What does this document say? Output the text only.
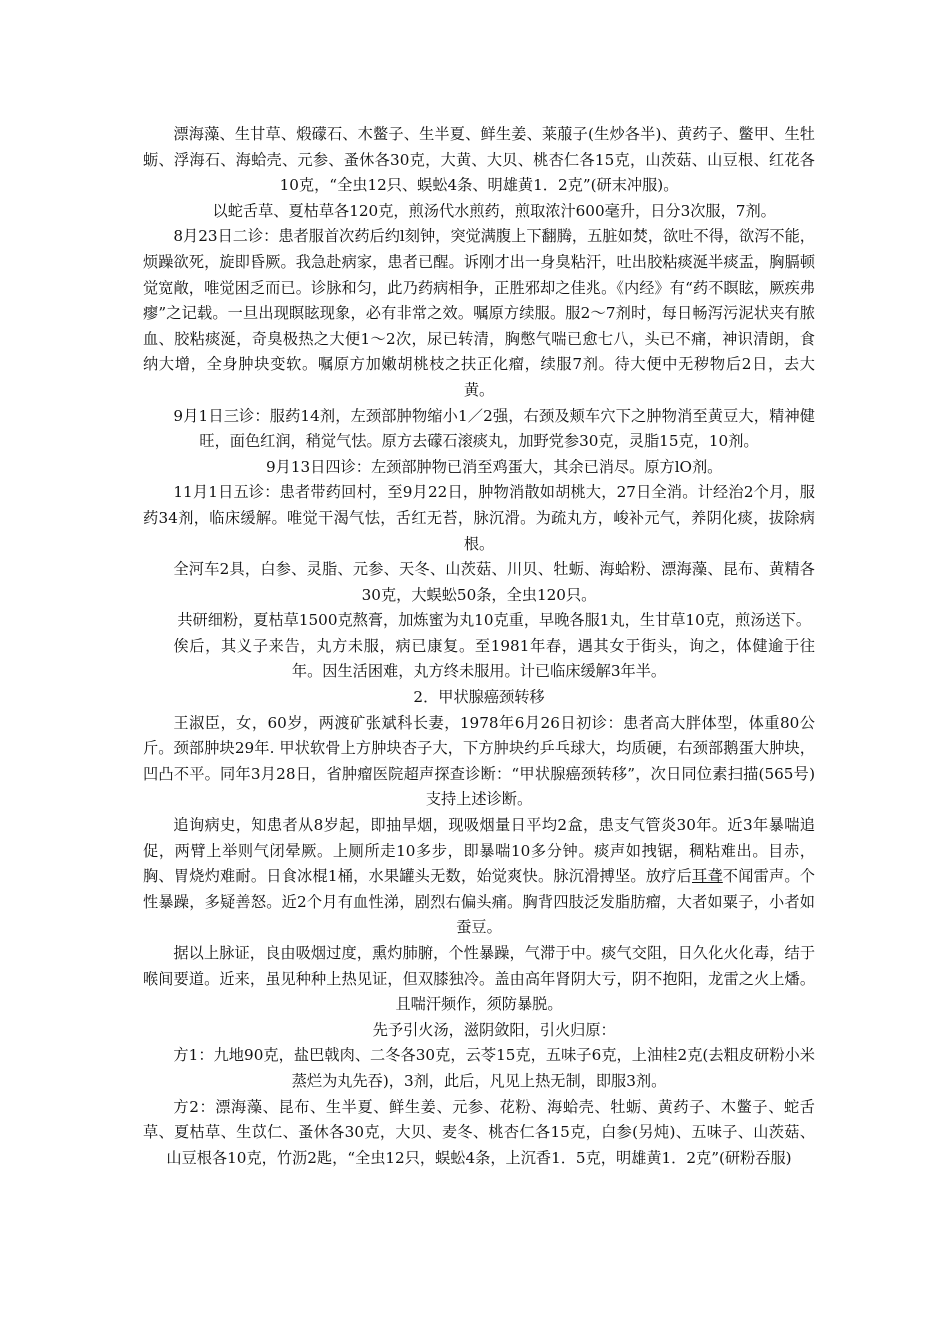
漂海藻、生甘草、煅礞石、木鳖子、生半夏、鲜生姜、莱菔子(生炒各半)、黄药子、鳖甲、生牡蛎、浮海石、海蛤壳、元参、蚤休各30克，大黄、大贝、桃杏仁各15克，山茨菇、山豆根、红花各10克，“全虫12只、蜈蚣4条、明雄黄1．2克”(研末冲服)。

以蛇舌草、夏枯草各120克，煎汤代水煎药，煎取浓汁600毫升，日分3次服，7剂。

8月23日二诊：患者服首次药后约l刻钟，突觉满腹上下翻腾，五脏如焚，欲吐不得，欲泻不能，烦躁欲死，旋即昏厥。我急赴病家，患者已醒。诉刚才出一身臭粘汗，吐出胶粘痰涎半痰盂，胸膈顿觉宽敞，唯觉困乏而已。诊脉和匀，此乃药病相争，正胜邪却之佳兆。《内经》有“药不瞑眩，厥疾弗瘳”之记载。一旦出现瞑眩现象，必有非常之效。嘱原方续服。服2～7剂时，每日畅泻污泥状夹有脓血、胶粘痰涎，奇臭极热之大便1～2次，尿已转清，胸憋气喘已愈七八，头已不痛，神识清朗，食纳大增，全身肿块变软。嘱原方加嫩胡桃枝之扶正化瘤，续服7剂。待大便中无秽物后2日，去大黄。

9月1日三诊：服药14剂，左颈部肿物缩小1／2强，右颈及颊车穴下之肿物消至黄豆大，精神健旺，面色红润，稍觉气怯。原方去礞石滚痰丸，加野党参30克，灵脂15克，10剂。

9月13日四诊：左颈部肿物已消至鸡蛋大，其余已消尽。原方lO剂。

11月1日五诊：患者带药回村，至9月22日，肿物消散如胡桃大，27日全消。计经治2个月，服药34剂，临床缓解。唯觉干渴气怯，舌红无苔，脉沉滑。为疏丸方，峻补元气，养阴化痰，拔除病根。

全河车2具，白参、灵脂、元参、天冬、山茨菇、川贝、牡蛎、海蛤粉、漂海藻、昆布、黄精各30克，大蜈蚣50条，全虫120只。

共研细粉，夏枯草1500克熬膏，加炼蜜为丸10克重，早晚各服1丸，生甘草10克，煎汤送下。

俟后，其义子来告，丸方未服，病已康复。至1981年春，遇其女于街头，询之，体健逾于往年。因生活困难，丸方终未服用。计已临床缓解3年半。

2．甲状腺癌颈转移

王淑臣，女，60岁，两渡矿张斌科长妻，1978年6月26日初诊：患者高大胖体型，体重80公斤。颈部肿块29年. 甲状软骨上方肿块杏子大，下方肿块约乒乓球大，均质硬，右颈部鹅蛋大肿块，凹凸不平。同年3月28日，省肿瘤医院超声探查诊断：“甲状腺癌颈转移”，次日同位素扫描(565号)支持上述诊断。

追询病史，知患者从8岁起，即抽旱烟，现吸烟量日平均2盒，患支气管炎30年。近3年暴喘追促，两臂上举则气闭晕厥。上厕所走10多步，即暴喘10多分钟。痰声如拽锯，稠粘难出。目赤，胸、胃烧灼难耐。日食冰棍1桶，水果罐头无数，始觉爽快。脉沉滑搏坚。放疗后耳聋不闻雷声。个性暴躁，多疑善怒。近2个月有血性涕，剧烈右偏头痛。胸背四肢泛发脂肪瘤，大者如粟子，小者如蚕豆。

据以上脉证，良由吸烟过度，熏灼肺腑，个性暴躁，气滞于中。痰气交阻，日久化火化毒，结于喉间要道。近来，虽见种种上热见证，但双膝独冷。盖由高年肾阴大亏，阴不抱阳，龙雷之火上燔。且喘汗频作，须防暴脱。

先予引火汤，滋阴敛阳，引火归原：

方1：九地90克，盐巴戟肉、二冬各30克，云苓15克，五味子6克，上油桂2克(去粗皮研粉小米蒸烂为丸先吞)，3剂，此后，凡见上热无制，即服3剂。

方2：漂海藻、昆布、生半夏、鲜生姜、元参、花粉、海蛤壳、牡蛎、黄药子、木鳖子、蛇舌草、夏枯草、生苡仁、蚤休各30克，大贝、麦冬、桃杏仁各15克，白参(另炖)、五味子、山茨菇、山豆根各10克，竹沥2匙，“全虫12只，蜈蚣4条，上沉香1．5克，明雄黄1．2克”(研粉吞服)
